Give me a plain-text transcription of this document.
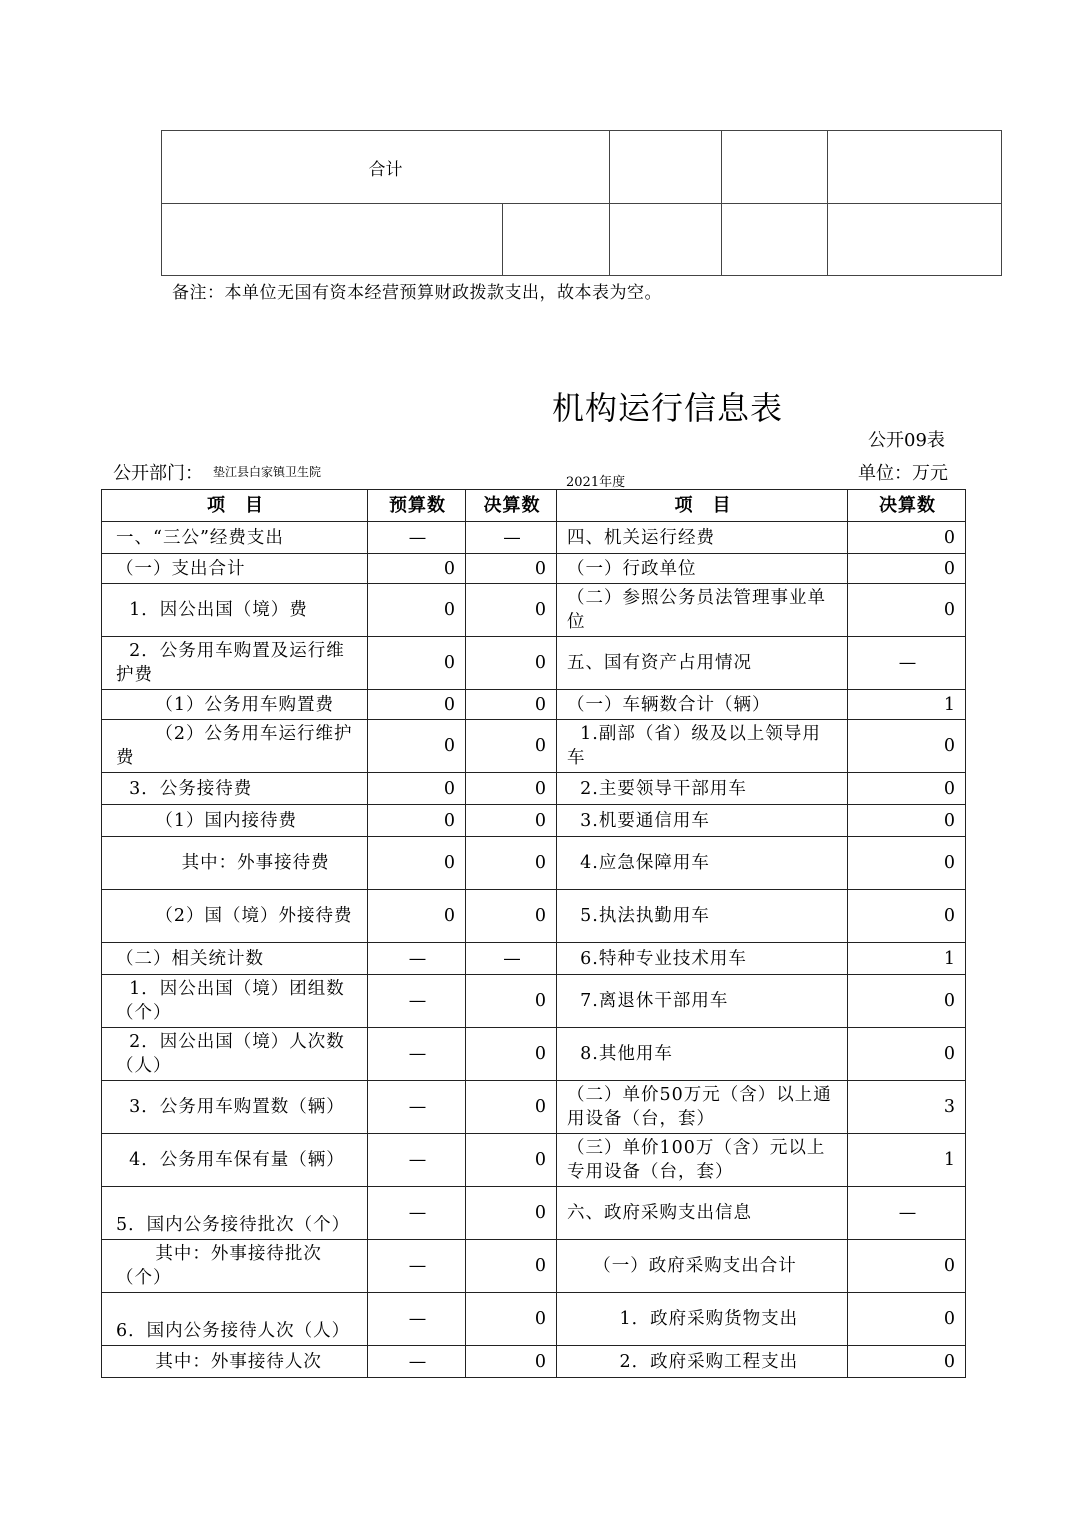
合计				

备注：本单位无国有资本经营预算财政拨款支出，故本表为空。
机构运行信息表
公开09表
公开部门： 垫江县白家镇卫生院
2021年度	单位：万元
项　目	预算数	决算数	项　目	决算数
一、“三公”经费支出	—	—	四、机关运行经费	0
（一）支出合计	0	0	（一）行政单位	0
1．因公出国（境）费	0	0	（二）参照公务员法管理事业单位	0
2．公务用车购置及运行维护费	0	0	五、国有资产占用情况	—
（1）公务用车购置费	0	0	（一）车辆数合计（辆）	1
（2）公务用车运行维护费	0	0	1.副部（省）级及以上领导用车	0
3．公务接待费	0	0	2.主要领导干部用车	0
（1）国内接待费	0	0	3.机要通信用车	0
其中：外事接待费	0	0	4.应急保障用车	0
（2）国（境）外接待费	0	0	5.执法执勤用车	0
（二）相关统计数	—	—	6.特种专业技术用车	1
1．因公出国（境）团组数（个）	—	0	7.离退休干部用车	0
2．因公出国（境）人次数（人）	—	0	8.其他用车	0
3．公务用车购置数（辆）	—	0	（二）单价50万元（含）以上通用设备（台，套）	3
4．公务用车保有量（辆）	—	0	（三）单价100万（含）元以上专用设备（台，套）	1
5．国内公务接待批次（个）	—	0	六、政府采购支出信息	—
其中：外事接待批次（个）	—	0	（一）政府采购支出合计	0
6．国内公务接待人次（人）	—	0	1．政府采购货物支出	0
其中：外事接待人次	—	0	2．政府采购工程支出	0
